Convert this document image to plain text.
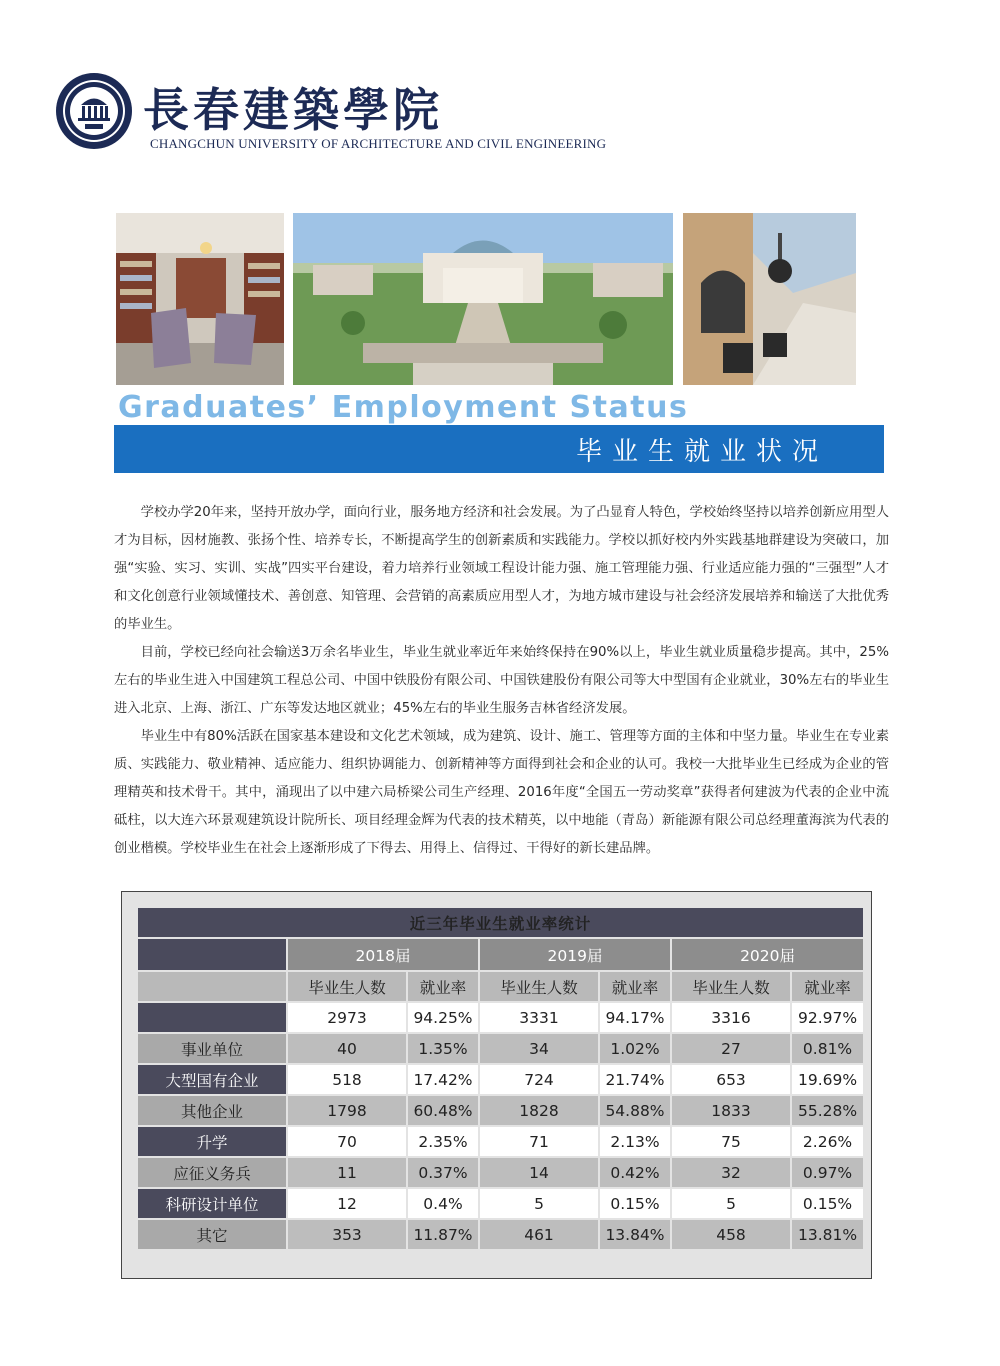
長春建築學院
CHANGCHUN UNIVERSITY OF ARCHITECTURE AND CIVIL ENGINEERING
Graduates’ Employment Status
毕业生就业状况

学校办学20年来，坚持开放办学，面向行业，服务地方经济和社会发展。为了凸显育人特色，学校始终坚持以培养创新应用型人才为目标，因材施教、张扬个性、培养专长，不断提高学生的创新素质和实践能力。学校以抓好校内外实践基地群建设为突破口，加强“实验、实习、实训、实战”四实平台建设，着力培养行业领域工程设计能力强、施工管理能力强、行业适应能力强的“三强型”人才和文化创意行业领域懂技术、善创意、知管理、会营销的高素质应用型人才，为地方城市建设与社会经济发展培养和输送了大批优秀的毕业生。

目前，学校已经向社会输送3万余名毕业生，毕业生就业率近年来始终保持在90%以上，毕业生就业质量稳步提高。其中，25%左右的毕业生进入中国建筑工程总公司、中国中铁股份有限公司、中国铁建股份有限公司等大中型国有企业就业，30%左右的毕业生进入北京、上海、浙江、广东等发达地区就业；45%左右的毕业生服务吉林省经济发展。

毕业生中有80%活跃在国家基本建设和文化艺术领域，成为建筑、设计、施工、管理等方面的主体和中坚力量。毕业生在专业素质、实践能力、敬业精神、适应能力、组织协调能力、创新精神等方面得到社会和企业的认可。我校一大批毕业生已经成为企业的管理精英和技术骨干。其中，涌现出了以中建六局桥梁公司生产经理、2016年度“全国五一劳动奖章”获得者何建波为代表的企业中流砥柱，以大连六环景观建筑设计院所长、项目经理金辉为代表的技术精英，以中地能（青岛）新能源有限公司总经理董海滨为代表的创业楷模。学校毕业生在社会上逐渐形成了下得去、用得上、信得过、干得好的新长建品牌。

近三年毕业生就业率统计						
	2018届		2019届		2020届	
	毕业生人数	就业率	毕业生人数	就业率	毕业生人数	就业率
	2973	94.25%	3331	94.17%	3316	92.97%
事业单位	40	1.35%	34	1.02%	27	0.81%
大型国有企业	518	17.42%	724	21.74%	653	19.69%
其他企业	1798	60.48%	1828	54.88%	1833	55.28%
升学	70	2.35%	71	2.13%	75	2.26%
应征义务兵	11	0.37%	14	0.42%	32	0.97%
科研设计单位	12	0.4%	5	0.15%	5	0.15%
其它	353	11.87%	461	13.84%	458	13.81%
